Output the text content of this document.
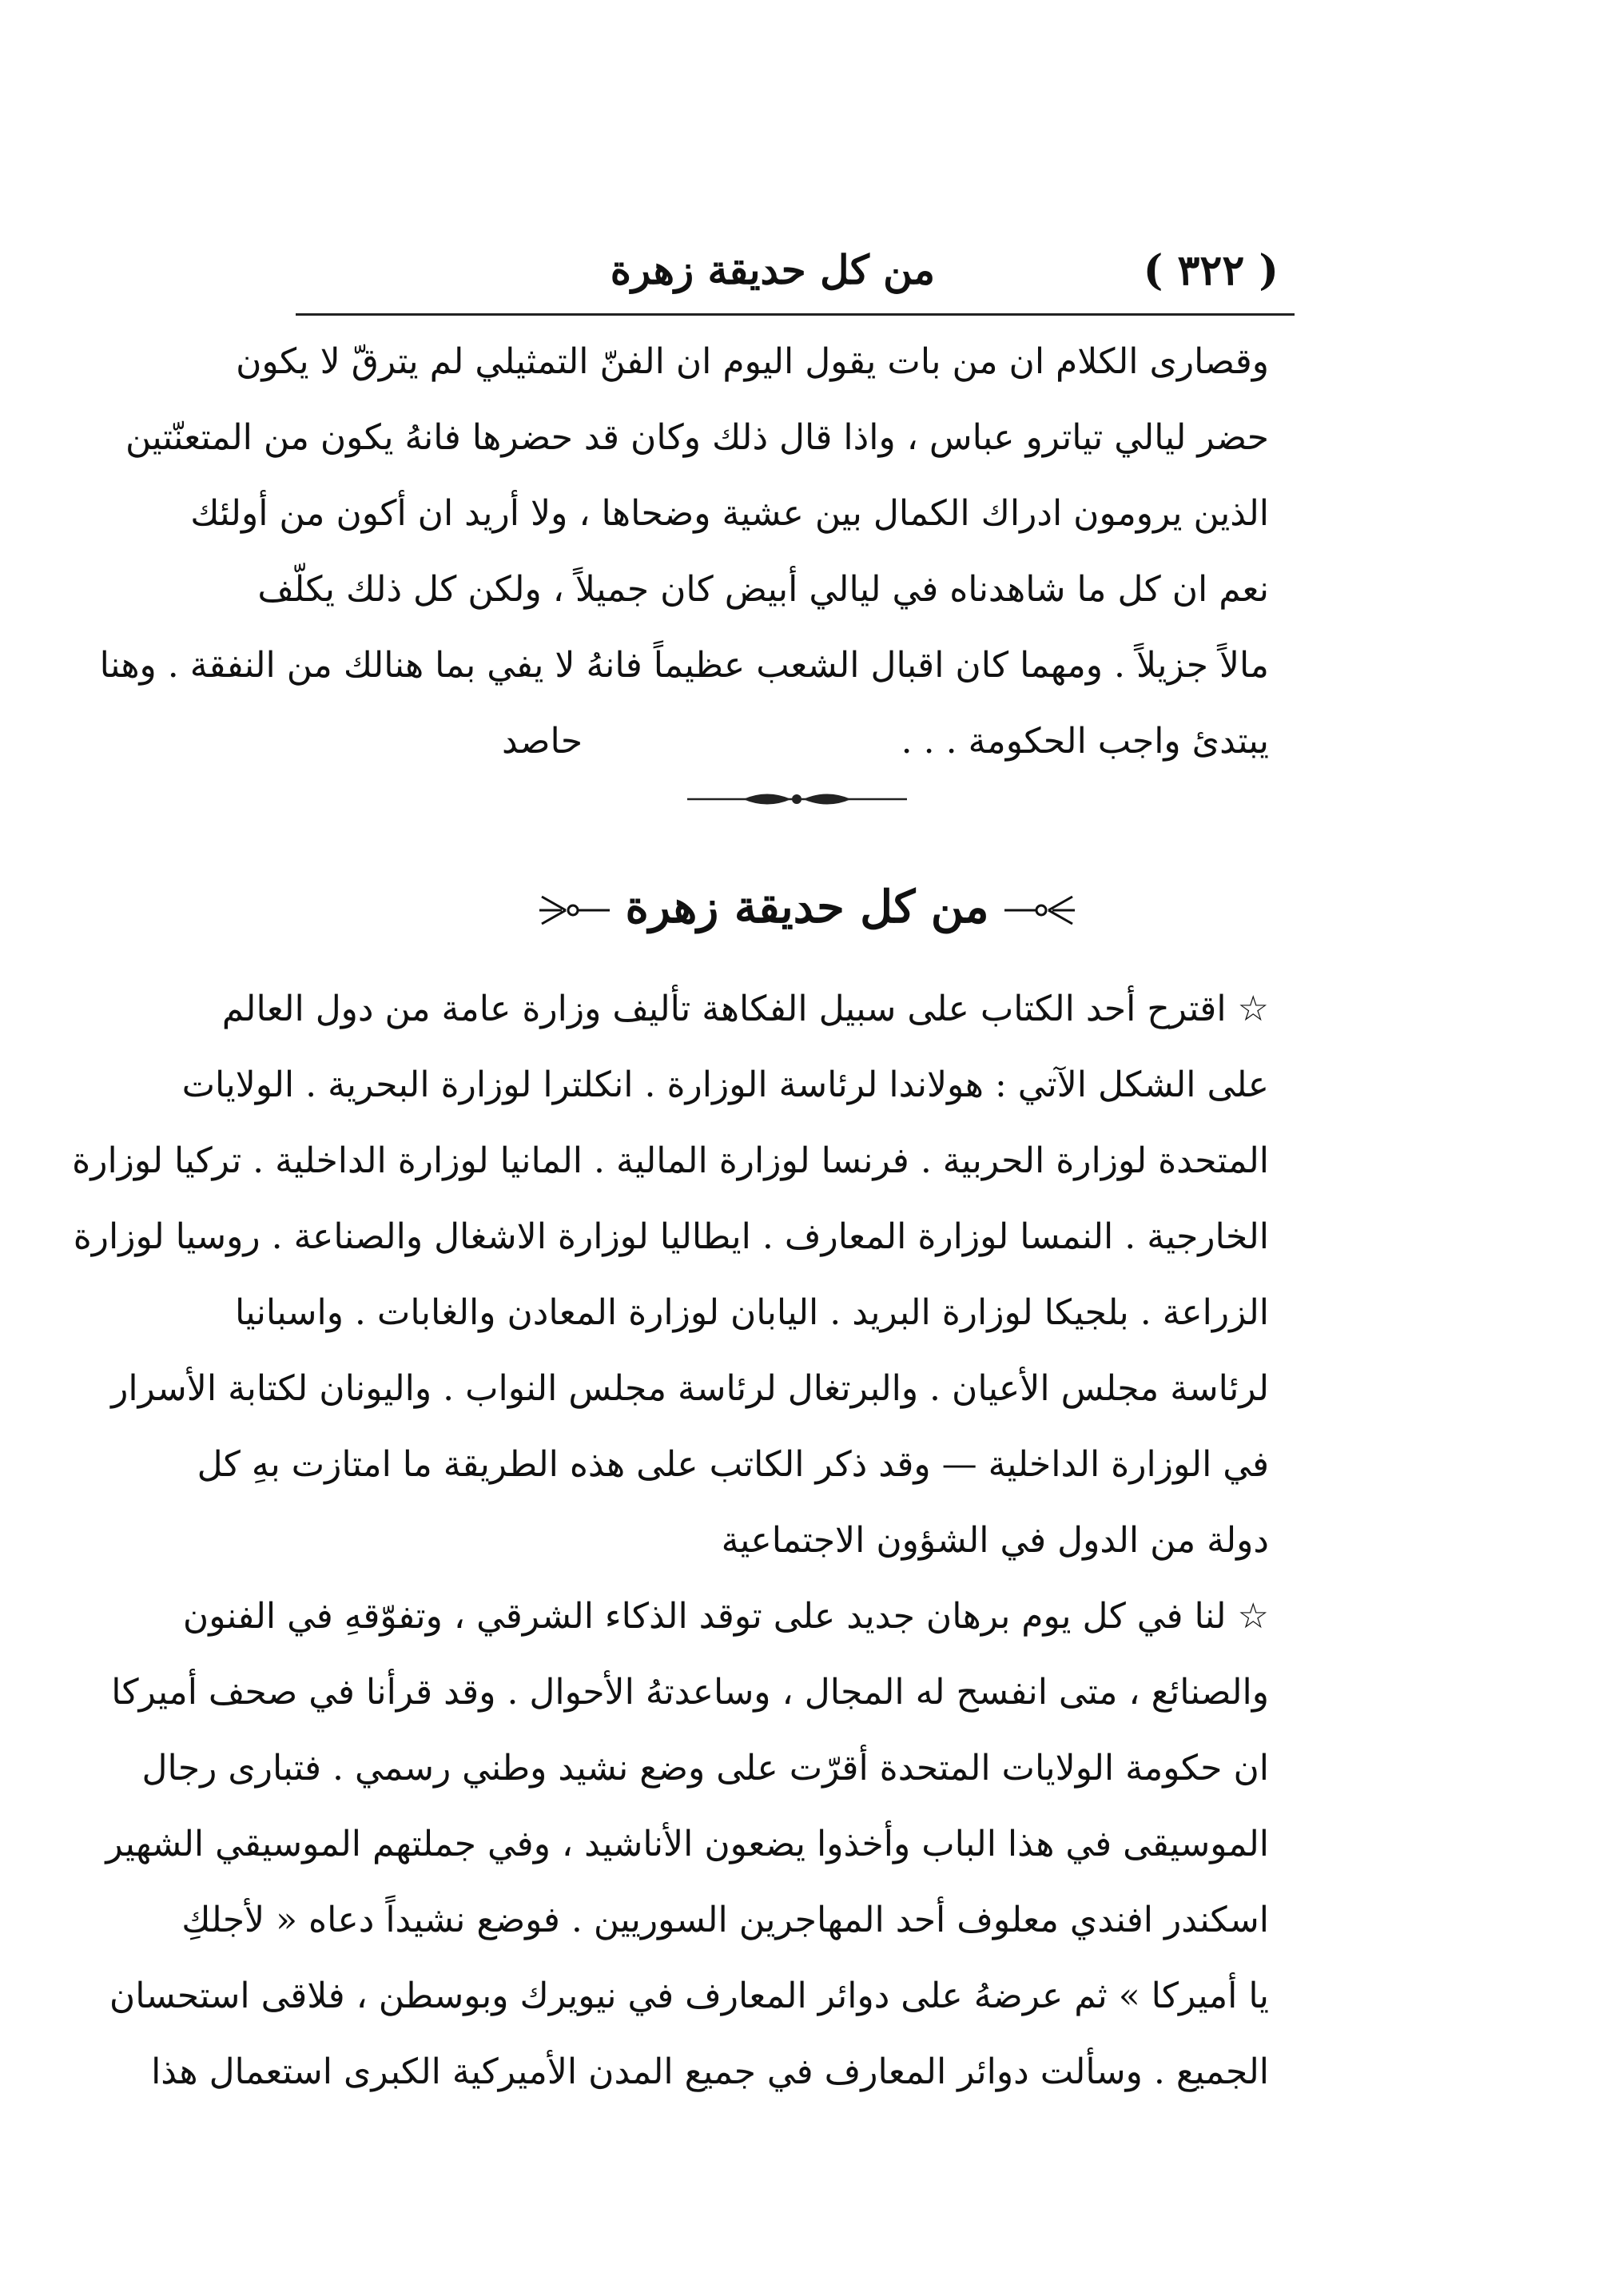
( ٣٢٢ )
من كل حديقة زهرة

وقصارى الكلام ان من بات يقول اليوم ان الفنّ التمثيلي لم يترقّ لا يكون
حضر ليالي تياترو عباس ، واذا قال ذلك وكان قد حضرها فانهُ يكون من المتعنّتين
الذين يرومون ادراك الكمال بين عشية وضحاها ، ولا أريد ان أكون من أولئك
نعم ان كل ما شاهدناه في ليالي أبيض كان جميلاً ، ولكن كل ذلك يكلّف
مالاً جزيلاً . ومهما كان اقبال الشعب عظيماً فانهُ لا يفي بما هنالك من النفقة . وهنا
يبتدئ واجب الحكومة . . .
حاصد

من كل حديقة زهرة

☆ اقترح أحد الكتاب على سبيل الفكاهة تأليف وزارة عامة من دول العالم
على الشكل الآتي : هولاندا لرئاسة الوزارة . انكلترا لوزارة البحرية . الولايات
المتحدة لوزارة الحربية . فرنسا لوزارة المالية . المانيا لوزارة الداخلية . تركيا لوزارة
الخارجية . النمسا لوزارة المعارف . ايطاليا لوزارة الاشغال والصناعة . روسيا لوزارة
الزراعة . بلجيكا لوزارة البريد . اليابان لوزارة المعادن والغابات . واسبانيا
لرئاسة مجلس الأعيان . والبرتغال لرئاسة مجلس النواب . واليونان لكتابة الأسرار
في الوزارة الداخلية — وقد ذكر الكاتب على هذه الطريقة ما امتازت بهِ كل
دولة من الدول في الشؤون الاجتماعية

☆ لنا في كل يوم برهان جديد على توقد الذكاء الشرقي ، وتفوّقهِ في الفنون
والصنائع ، متى انفسح له المجال ، وساعدتهُ الأحوال . وقد قرأنا في صحف أميركا
ان حكومة الولايات المتحدة أقرّت على وضع نشيد وطني رسمي . فتبارى رجال
الموسيقى في هذا الباب وأخذوا يضعون الأناشيد ، وفي جملتهم الموسيقي الشهير
اسكندر افندي معلوف أحد المهاجرين السوريين . فوضع نشيداً دعاه « لأجلكِ
يا أميركا » ثم عرضهُ على دوائر المعارف في نيويرك وبوسطن ، فلاقى استحسان
الجميع . وسألت دوائر المعارف في جميع المدن الأميركية الكبرى استعمال هذا
